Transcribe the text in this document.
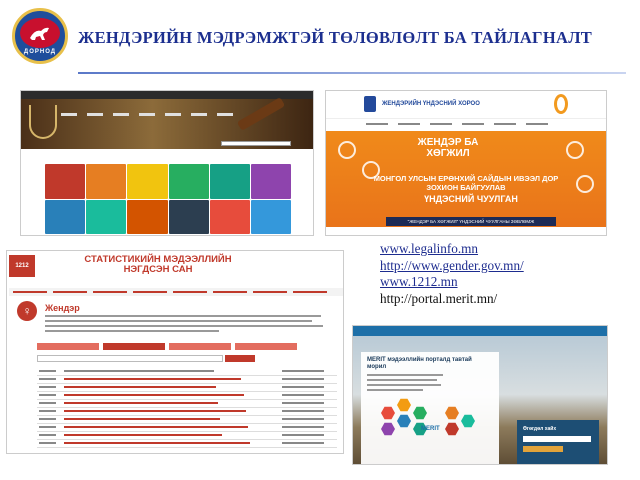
ДОРНОД
ЖЕНДЭРИЙН МЭДРЭМЖТЭЙ ТӨЛӨВЛӨЛТ БА ТАЙЛАГНАЛТ
ЖЕНДЭРИЙН ҮНДЭСНИЙ ХОРОО
ЖЕНДЭР БА ХӨГЖИЛ
МОНГОЛ УЛСЫН ЕРӨНХИЙ САЙДЫН ИВЭЭЛ ДОР ЗОХИОН БАЙГУУЛАВ
ҮНДЭСНИЙ ЧУУЛГАН
"ЖЕНДЭР БА ХӨГЖИЛ" ҮНДЭСНИЙ ЧУУЛГАНЫ ЗӨВЛӨМЖ
www.legalinfo.mn
http://www.gender.gov.mn/
www.1212.mn
http://portal.merit.mn/
1212
СТАТИСТИКИЙН МЭДЭЭЛЛИЙН НЭГДСЭН САН
♀	Жендэр

MERIT мэдээллийн порталд тавтай морил
MERIT	Өгөгдөл хайх
